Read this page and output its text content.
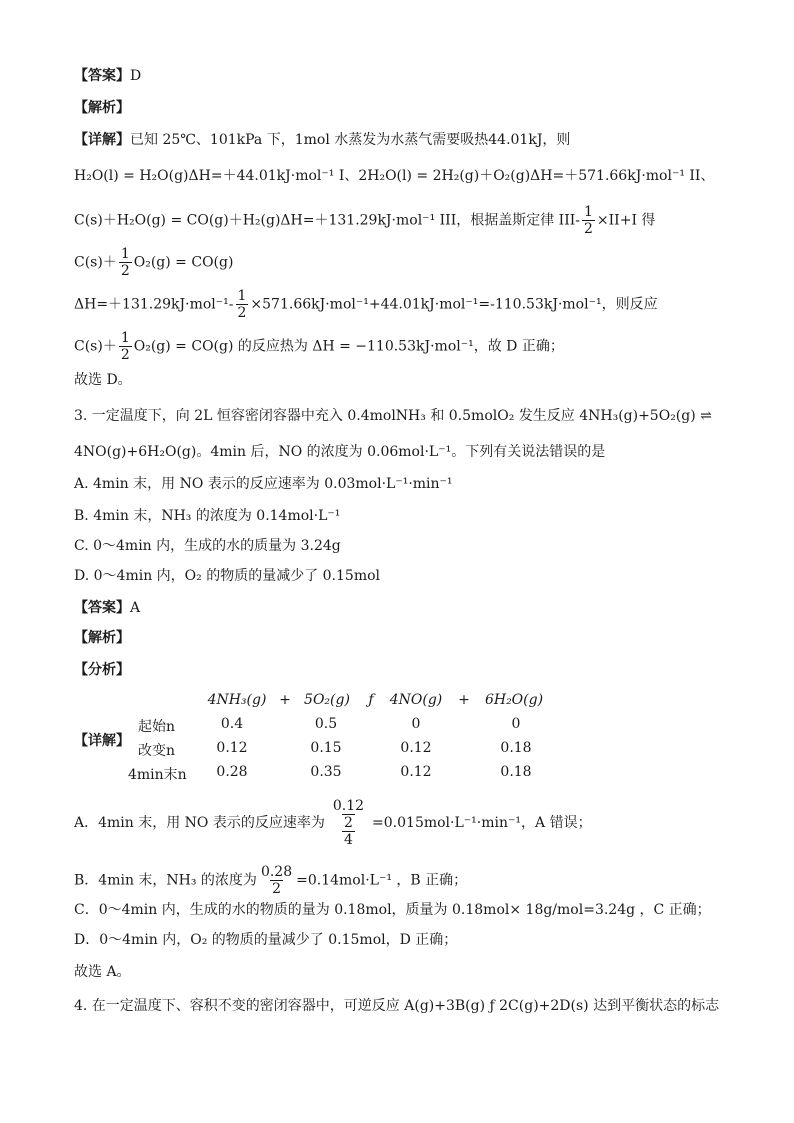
【答案】D
【解析】
【详解】已知 25℃、101kPa 下，1mol 水蒸发为水蒸气需要吸热44.01kJ，则
H₂O(l) = H₂O(g)ΔH=＋44.01kJ·mol⁻¹ I、2H₂O(l) = 2H₂(g)＋O₂(g)ΔH=＋571.66kJ·mol⁻¹ II、
C(s)＋H₂O(g) = CO(g)＋H₂(g)ΔH=＋131.29kJ·mol⁻¹ III，根据盖斯定律 $III- \frac{1}{2} \times II+I$ 得
$C(s)+ \frac{1}{2} O_2(g) = CO(g)$
$\Delta H=+131.29kJ\cdot mol^{-1}- \frac{1}{2} \times 571.66kJ\cdot mol^{-1}+44.01kJ\cdot mol^{-1}=-110.53kJ\cdot mol^{-1}$，则反应
$C(s)+ \frac{1}{2} O_2(g) = CO(g)$ 的反应热为 ΔH = −110.53kJ·mol⁻¹，故 D 正确；
故选 D。
3. 一定温度下，向 2L 恒容密闭容器中充入 0.4molNH₃ 和 0.5molO₂ 发生反应 4NH₃(g)+5O₂(g) ⇌
4NO(g)+6H₂O(g)。4min 后，NO 的浓度为 0.06mol·L⁻¹。下列有关说法错误的是
A. 4min 末，用 NO 表示的反应速率为 0.03mol·L⁻¹·min⁻¹
B. 4min 末，NH₃ 的浓度为 0.14mol·L⁻¹
C. 0～4min 内，生成的水的质量为 3.24g
D. 0～4min 内，O₂ 的物质的量减少了 0.15mol
【答案】A
【解析】
【分析】
【详解】
4NH₃(g) + 5O₂(g)	ƒ	4NO(g)	+	6H₂O(g)
起始n	0.4	0.5	0	0
改变n	0.12	0.15	0.12	0.18
4min末n	0.28	0.35	0.12	0.18
A．4min 末，用 NO 表示的反应速率为 $\frac{\frac{0.12}{2}}{4} =0.015mol\cdot L^{-1}\cdot\min^{-1}$，A 错误；
B．4min 末，NH₃ 的浓度为 $\frac{0.28}{2} =0.14mol\cdot L^{-1}$ ，B 正确；
C．0～4min 内，生成的水的物质的量为 0.18mol，质量为 0.18mol× 18g/mol=3.24g ，C 正确；
D．0～4min 内，O₂ 的物质的量减少了 0.15mol，D 正确；
故选 A。
4. 在一定温度下、容积不变的密闭容器中，可逆反应 A(g)+3B(g) ƒ 2C(g)+2D(s) 达到平衡状态的标志
